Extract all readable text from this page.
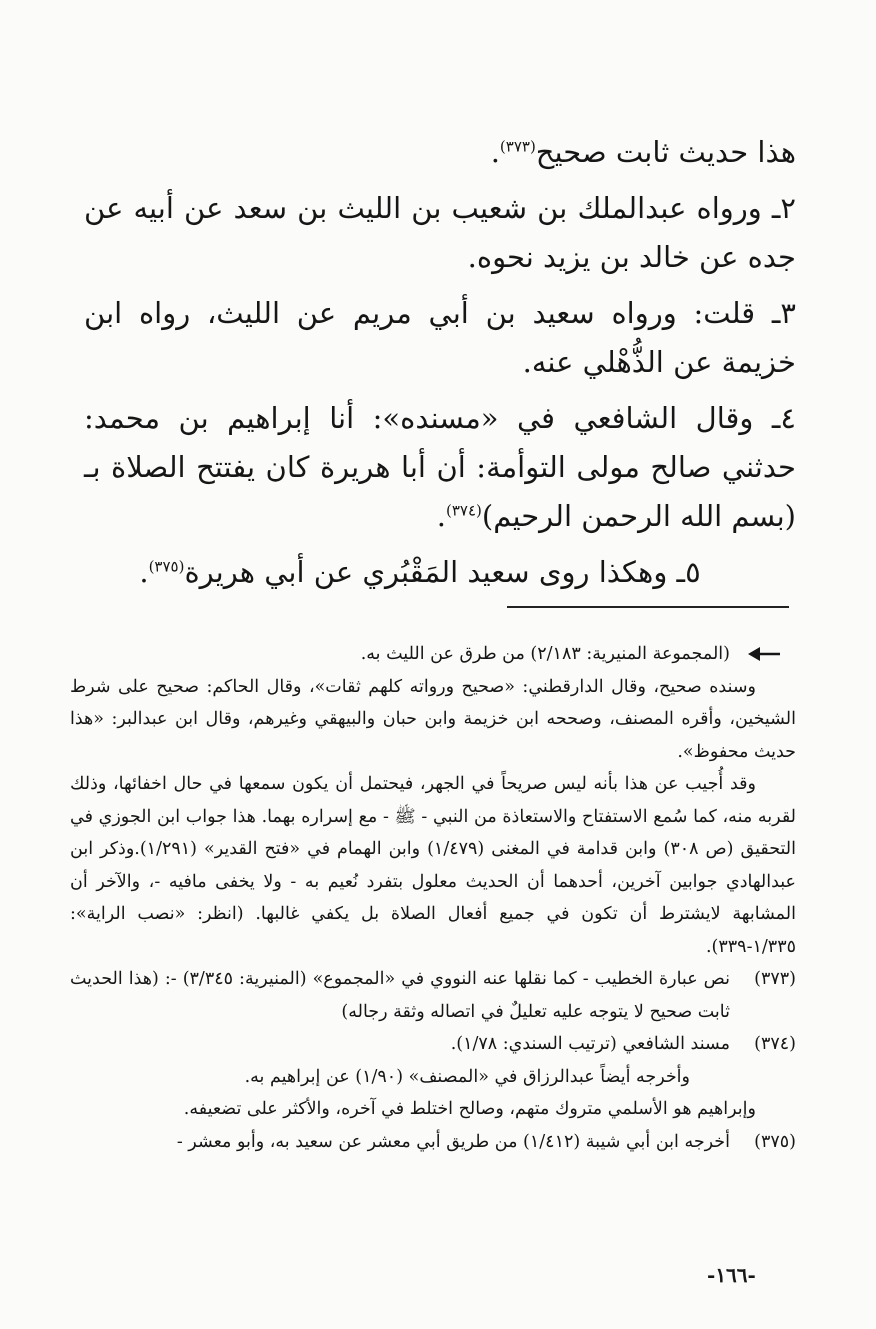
هذا حديث ثابت صحيح$^{(٣٧٣)}$.

٢ـ ورواه عبدالملك بن شعيب بن الليث بن سعد عن أبيه عن جده عن خالد بن يزيد نحوه.

٣ـ قلت: ورواه سعيد بن أبي مريم عن الليث، رواه ابن خزيمة عن الذُّهْلي عنه.

٤ـ وقال الشافعي في «مسنده»: أنا إبراهيم بن محمد: حدثني صالح مولى التوأمة: أن أبا هريرة كان يفتتح الصلاة بـ (بسم الله الرحمن الرحيم)$^{(٣٧٤)}$.

٥ـ وهكذا روى سعيد المَقْبُري عن أبي هريرة$^{(٣٧٥)}$.

(المجموعة المنيرية: ٢/١٨٣) من طرق عن الليث به.
وسنده صحيح، وقال الدارقطني: «صحيح ورواته كلهم ثقات»، وقال الحاكم: صحيح على شرط الشيخين، وأقره المصنف، وصححه ابن خزيمة وابن حبان والبيهقي وغيرهم، وقال ابن عبدالبر: «هذا حديث محفوظ».
وقد أُجيب عن هذا بأنه ليس صريحاً في الجهر، فيحتمل أن يكون سمعها في حال اخفائها، وذلك لقربه منه، كما سُمع الاستفتاح والاستعاذة من النبي - ﷺ - مع إسراره بهما. هذا جواب ابن الجوزي في التحقيق (ص ٣٠٨) وابن قدامة في المغنى (١/٤٧٩) وابن الهمام في «فتح القدير» (١/٢٩١).وذكر ابن عبدالهادي جوابين آخرين، أحدهما أن الحديث معلول بتفرد نُعيم به - ولا يخفى مافيه -، والآخر أن المشابهة لايشترط أن تكون في جميع أفعال الصلاة بل يكفي غالبها. (انظر: «نصب الراية»: ١/٣٣٥-٣٣٩).
(٣٧٣)
نص عبارة الخطيب - كما نقلها عنه النووي في «المجموع» (المنيرية: ٣/٣٤٥) -: (هذا الحديث ثابت صحيح لا يتوجه عليه تعليلٌ في اتصاله وثقة رجاله)
(٣٧٤)
مسند الشافعي (ترتيب السندي: ١/٧٨).
وأخرجه أيضاً عبدالرزاق في «المصنف» (١/٩٠) عن إبراهيم به.
وإبراهيم هو الأسلمي متروك متهم، وصالح اختلط في آخره، والأكثر على تضعيفه.
(٣٧٥)
أخرجه ابن أبي شيبة (١/٤١٢) من طريق أبي معشر عن سعيد به، وأبو معشر -
-١٦٦-
